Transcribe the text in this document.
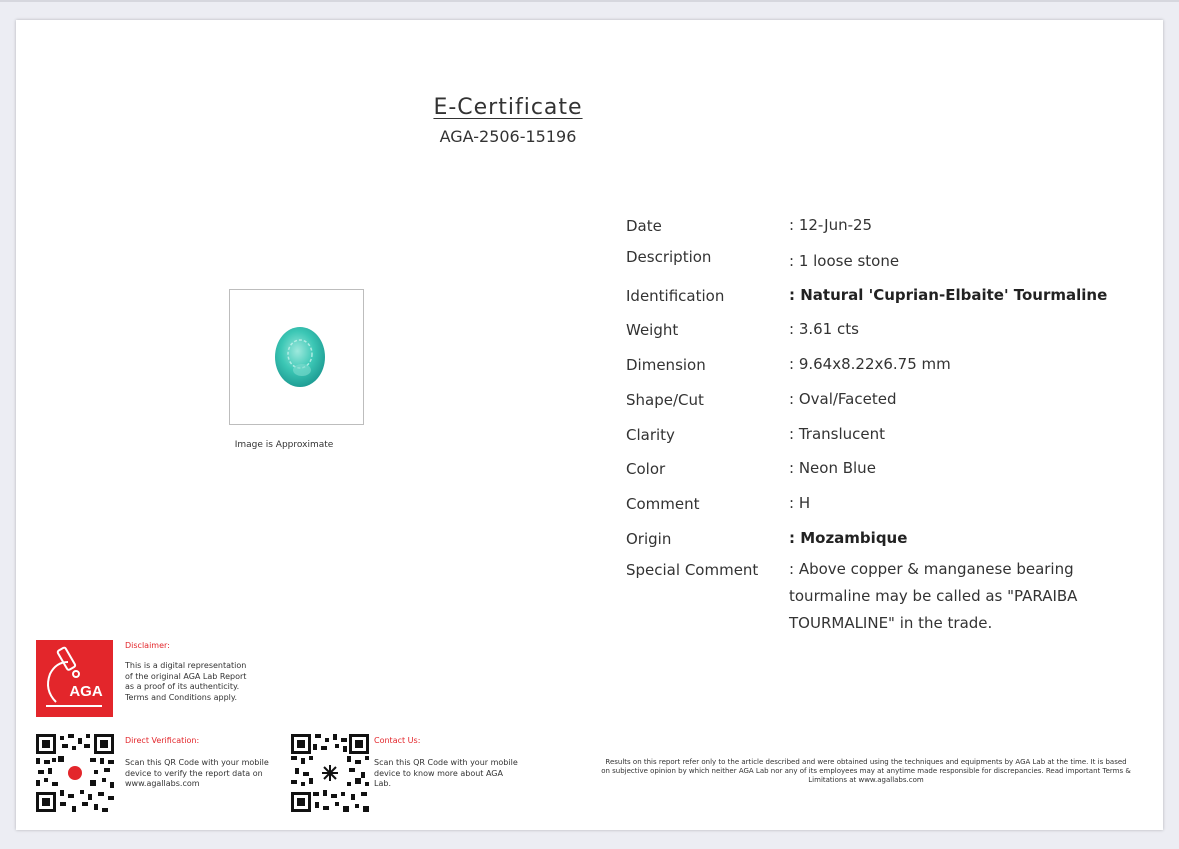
E-Certificate
AGA-2506-15196
Image is Approximate
Date	: 12-Jun-25
Description	: 1 loose stone
Identification	: Natural 'Cuprian-Elbaite' Tourmaline
Weight	: 3.61 cts
Dimension	: 9.64x8.22x6.75 mm
Shape/Cut	: Oval/Faceted
Clarity	: Translucent
Color	: Neon Blue
Comment	: H
Origin	: Mozambique
Special Comment : Above copper & manganese bearing tourmaline may be called as "PARAIBA TOURMALINE" in the trade.
AGA
Disclaimer:
This is a digital representation
of the original AGA Lab Report
as a proof of its authenticity.
Terms and Conditions apply.
Direct Verification:
Scan this QR Code with your mobile
device to verify the report data on
www.agallabs.com
Contact Us:
Scan this QR Code with your mobile
device to know more about AGA
Lab.
Results on this report refer only to the article described and were obtained using the techniques and equipments by AGA Lab at the time. It is based
on subjective opinion by which neither AGA Lab nor any of its employees may at anytime made responsible for discrepancies. Read important Terms &
Limitations at www.agallabs.com
